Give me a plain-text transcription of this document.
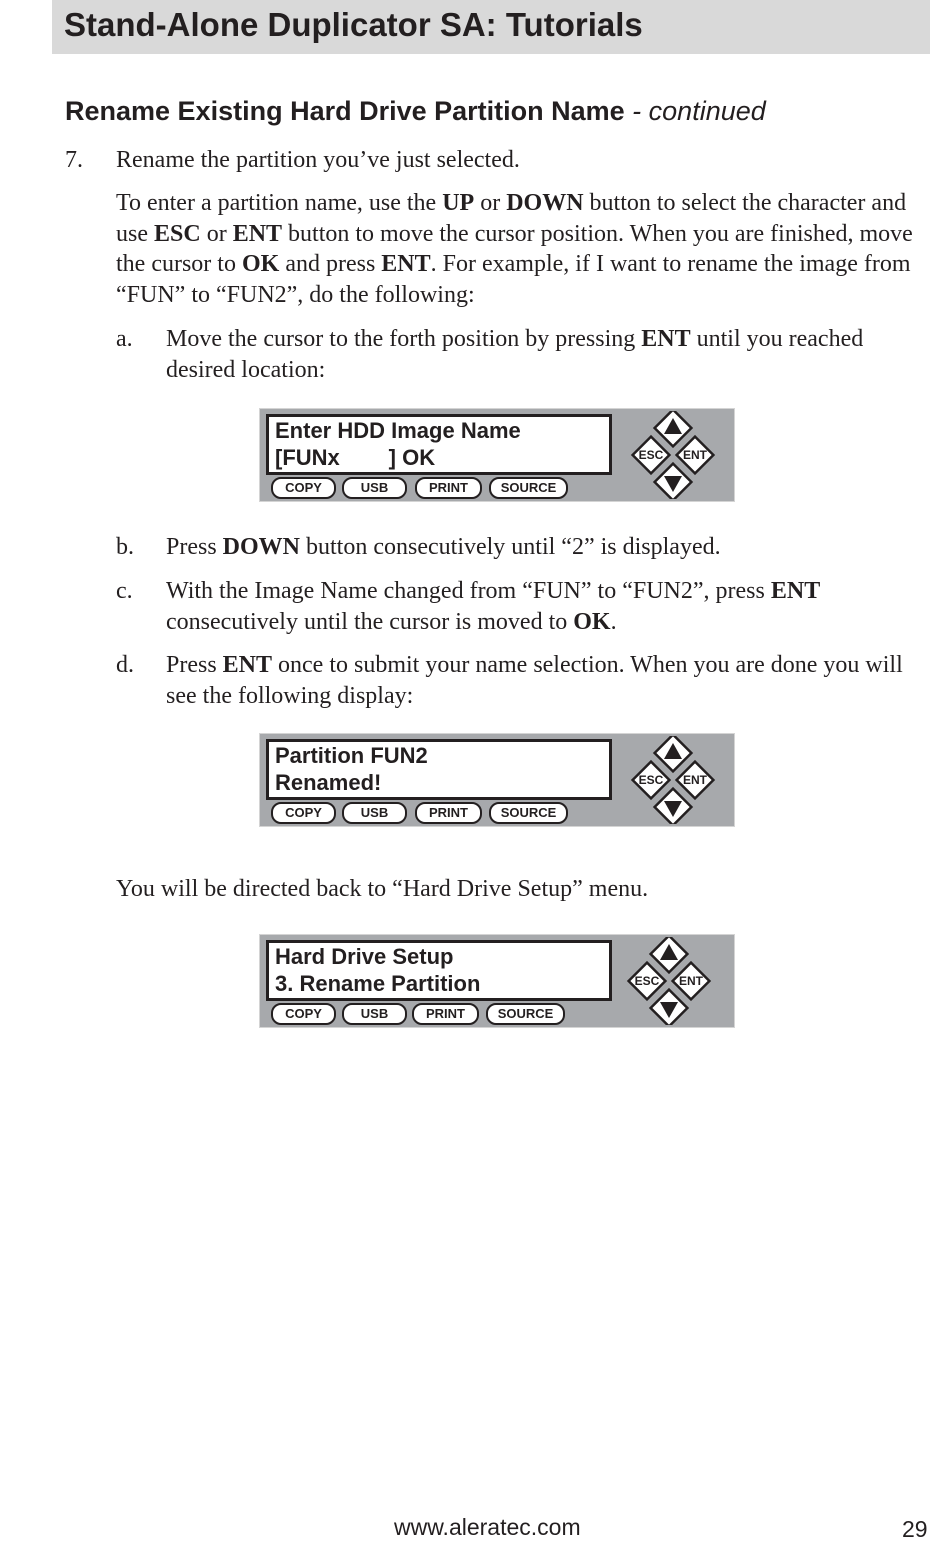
Stand-Alone Duplicator SA: Tutorials
Rename Existing Hard Drive Partition Name - continued
7. Rename the partition you’ve just selected.
To enter a partition name, use the UP or DOWN button to select the character and use ESC or ENT button to move the cursor position. When you are finished, move the cursor to OK and press ENT. For example, if I want to rename the image from “FUN” to “FUN2”, do the following:
a. Move the cursor to the forth position by pressing ENT until you reached desired location:
Enter HDD Image Name
[FUNx        ] OK
COPY	USB	PRINT	SOURCE
ESC ENT
b. Press DOWN button consecutively until “2” is displayed.
c. With the Image Name changed from “FUN” to “FUN2”, press ENT consecutively until the cursor is moved to OK.
d. Press ENT once to submit your name selection. When you are done you will see the following display:
Partition FUN2
Renamed!
COPY	USB	PRINT	SOURCE
ESC ENT
You will be directed back to “Hard Drive Setup” menu.
Hard Drive Setup
3. Rename Partition
COPY	USB	PRINT	SOURCE
ESC ENT
www.aleratec.com	29
